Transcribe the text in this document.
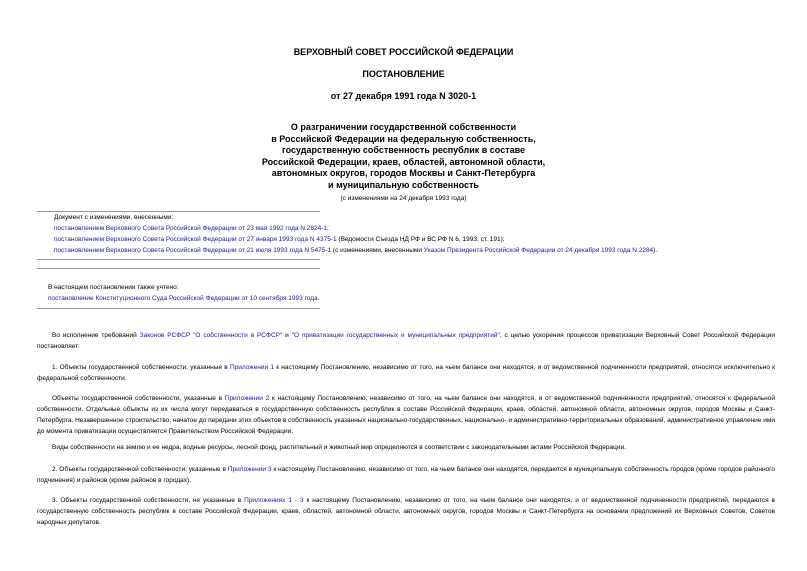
ВЕРХОВНЫЙ СОВЕТ РОССИЙСКОЙ ФЕДЕРАЦИИ
ПОСТАНОВЛЕНИЕ
от 27 декабря 1991 года N 3020-1
О разграничении государственной собственности
в Российской Федерации на федеральную собственность,
государственную собственность республик в составе
Российской Федерации, краев, областей, автономной области,
автономных округов, городов Москвы и Санкт-Петербурга
и муниципальную собственность
(с изменениями на 24 декабря 1993 года)
Документ с изменениями, внесенными:
постановлением Верховного Совета Российской Федерации от 23 мая 1992 года N 2824-1;
постановлением Верховного Совета Российской Федерации от 27 января 1993 года N 4375-1 (Ведомости Съезда НД РФ и ВС РФ N 6, 1993, ст. 191);
постановлением Верховного Совета Российской Федерации от 21 июля 1993 года N 5475-1 (с изменениями, внесенными Указом Президента Российской Федерации от 24 декабря 1993 года N 2284).
В настоящем постановлении также учтено:
постановление Конституционного Суда Российской Федерации от 10 сентября 1993 года.
Во исполнение требований Законов РСФСР "О собственности в РСФСР" и "О приватизации государственных и муниципальных предприятий", с целью ускорения процессов приватизации Верховный Совет Российской Федерации постановляет:
1. Объекты государственной собственности, указанные в Приложении 1 к настоящему Постановлению, независимо от того, на чьем балансе они находятся, и от ведомственной подчиненности предприятий, относятся исключительно к федеральной собственности.
Объекты государственной собственности, указанные в Приложении 2 к настоящему Постановлению, независимо от того, на чьем балансе они находятся, и от ведомственной подчиненности предприятий, относятся к федеральной собственности. Отдельные объекты из их числа могут передаваться в государственную собственность республик в составе Российской Федерации, краев, областей, автономной области, автономных округов, городов Москвы и Санкт-Петербурга. Незавершенное строительство, начатое до передачи этих объектов в собственность указанных национально-государственных, национально- и административно-территориальных образований, административное управление ими до момента приватизации осуществляется Правительством Российской Федерации.
Виды собственности на землю и ее недра, водные ресурсы, лесной фонд, растительный и животный мир определяются в соответствии с законодательными актами Российской Федерации.
2. Объекты государственной собственности, указанные в Приложении 3 к настоящему Постановлению, независимо от того, на чьем балансе они находятся, передаются в муниципальную собственность городов (кроме городов районного подчинения) и районов (кроме районов в городах).
3. Объекты государственной собственности, не указанные в Приложениях 1 - 3 к настоящему Постановлению, независимо от того, на чьем балансе они находятся, и от ведомственной подчиненности предприятий, передаются в государственную собственность республик в составе Российской Федерации, краев, областей, автономной области, автономных округов, городов Москвы и Санкт-Петербурга на основании предложений их Верховных Советов, Советов народных депутатов.
